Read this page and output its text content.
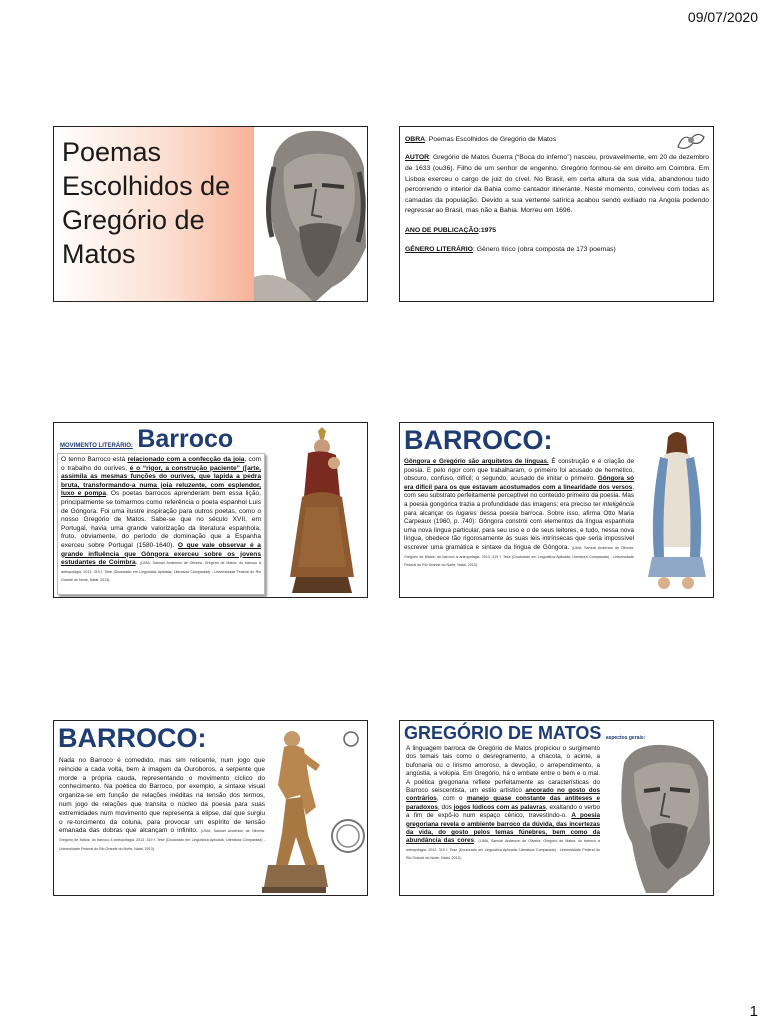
09/07/2020
Poemas
Escolhidos de
Gregório de
Matos

OBRA: Poemas Escolhidos de Gregório de Matos

AUTOR: Gregório de Matos Guerra (“Boca do inferno”) nasceu, provavelmente, em 20 de dezembro de 1633 (ou36). Filho de um senhor de engenho. Gregório formou-se em direito em Coimbra. Em Lisboa exerceu o cargo de juiz do cível. No Brasil, em certa altura da sua vida, abandonou tudo percorrendo o interior da Bahia como cantador itinerante. Neste momento, conviveu com todas as camadas da população. Devido a sua vertente satírica acabou sendo exiliado na Angola podendo regressar ao Brasil, mas não a Bahia. Morreu em 1696.

ANO DE PUBLICAÇÃO:1975

GÊNERO LITERÁRIO: Gênero lírico (obra composta de 173 poemas)

MOVIMENTO LITERÁRIO: Barroco
O termo Barroco está relacionado com a confecção da joia, com o trabalho do ourives, é o “rigor, a construção paciente” ([arte, assimila as mesmas funções do ourives, que lapida a pedra bruta, transformando-a numa joia reluzente, com esplendor, luxo e pompa. Os poetas barrocos aprenderam bem essa lição, principalmente se tomarmos como referência o poeta espanhol Luis de Góngora. Foi uma ilustre inspiração para outros poetas, como o nosso Gregório de Matos. Sabe-se que no século XVII, em Portugal, havia uma grande valorização da literatura espanhola, fruto, obviamente, do período de dominação que a Espanha exerceu sobre Portugal (1580-1640). O que vale observar é a grande influência que Gôngora exerceu sobre os jovens estudantes de Coimbra. (LIMA, Samuel Anderson de Oliveira. Gregório de Matos: do barroco à antropofagia. 2013. 319 f. Tese (Doutorado em Linguística Aplicada; Literatura Comparada) - Universidade Federal do Rio Grande do Norte, Natal, 2013).
BARROCO:
Gôngora e Gregório são arquitetos de línguas. É construção e é criação de poesia. E pelo rigor com que trabalharam, o primeiro foi acusado de hermético, obscuro, confuso, difícil; o segundo, acusado de imitar o primeiro. Gôngora só era difícil para os que estavam acostumados com a linearidade dos versos, com seu substrato perfeitamente perceptível no conteúdo primeiro da poesia. Mas a poesia gongórica trazia a profundidade das imagens; era preciso ter inteligência para alcançar os lugares dessa poesia barroca. Sobre isso, afirma Otto Maria Carpeaux (1960, p. 740): Gôngora constrói com elementos da língua espanhola uma nova língua particular, para seu uso e o de seus leitores, e tudo, nessa nova língua, obedece tão rigorosamente às suas leis intrínsecas que seria impossível escrever uma gramática e sintaxe da língua de Gôngora. (LIMA, Samuel Anderson de Oliveira. Gregório de Matos: do barroco à antropofagia. 2013. 319 f. Tese (Doutorado em Linguística Aplicada; Literatura Comparada) - Universidade Federal do Rio Grande do Norte, Natal, 2013).
BARROCO:
Nada no Barroco é comedido, mas sim reticente, num jogo que reincide a cada volta, bem à imagem da Ouroboros, a serpente que morde a própria cauda, representando o movimento cíclico do conhecimento. Na poética do Barroco, por exemplo, a sintaxe visual organiza-se em função de relações inéditas na tensão dos termos, num jogo de relações que transita o núcleo da poesia para suas extremidades num movimento que representa a elipse, daí que surgiu o re-torcimento da coluna, para provocar um espírito de tensão emanada das dobras que alcançam o infinito. (LIMA, Samuel Anderson de Oliveira. Gregório de Matos: do barroco à antropofagia. 2013. 319 f. Tese (Doutorado em Linguística Aplicada; Literatura Comparada) - Universidade Federal do Rio Grande do Norte, Natal, 2013).
GREGÓRIO DE MATOS aspectos gerais:
A linguagem barroca de Gregório de Matos propiciou o surgimento dos temais tais como o desregramento, a chacota, o acinte, a bufonaria ou o lirismo amoroso, a devoção, o arrependimento, a angústia, a volúpia. Em Gregório, há o embate entre o bem e o mal. A poética gregoriana reflete perfeitamente as características do Barroco seiscentista, um estilo artístico ancorado no gosto dos contrários, com o manejo quase constante das antíteses e paradoxos, dos jogos lúdicos com as palavras, exaltando o verbo a fim de expô-lo num espaço cênico, travestindo-o. A poesia gregoriana revela o ambiente barroco da dúvida, das incertezas da vida, do gosto pelos temas fúnebres, bem como da abundância das cores. (LIMA, Samuel Anderson de Oliveira. Gregório de Matos: do barroco à antropofagia. 2013. 319 f. Tese (Doutorado em Linguística Aplicada; Literatura Comparada) - Universidade Federal do Rio Grande do Norte, Natal, 2013).
1
